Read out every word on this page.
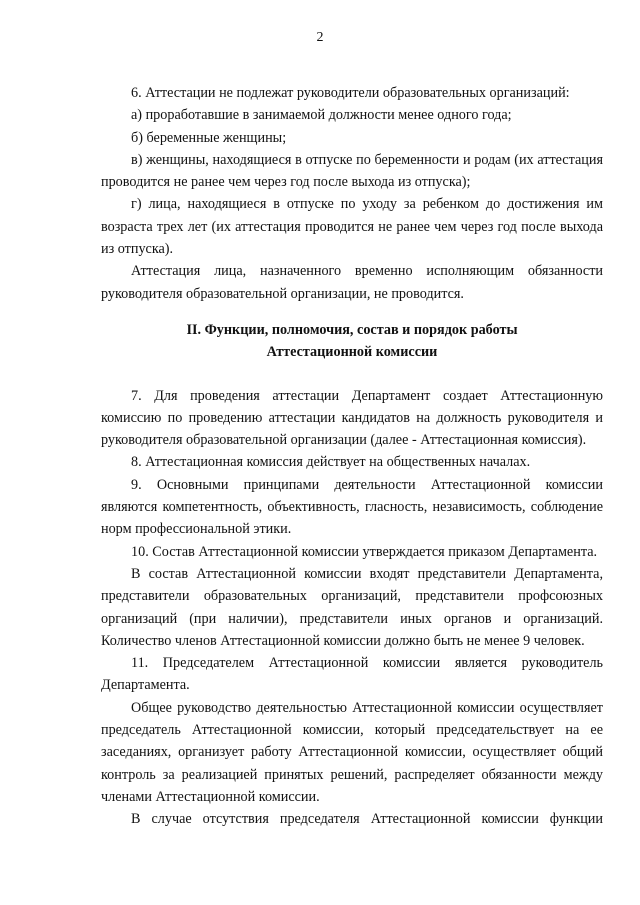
2

6. Аттестации не подлежат руководители образовательных организаций:

а) проработавшие в занимаемой должности менее одного года;

б) беременные женщины;

в) женщины, находящиеся в отпуске по беременности и родам (их аттестация проводится не ранее чем через год после выхода из отпуска);

г) лица, находящиеся в отпуске по уходу за ребенком до достижения им возраста трех лет (их аттестация проводится не ранее чем через год после выхода из отпуска).

Аттестация лица, назначенного временно исполняющим обязанности руководителя образовательной организации, не проводится.

II. Функции, полномочия, состав и порядок работы
Аттестационной комиссии

7. Для проведения аттестации Департамент создает Аттестационную комиссию по проведению аттестации кандидатов на должность руководителя и руководителя образовательной организации (далее - Аттестационная комиссия).

8. Аттестационная комиссия действует на общественных началах.

9. Основными принципами деятельности Аттестационной комиссии являются компетентность, объективность, гласность, независимость, соблюдение норм профессиональной этики.

10. Состав Аттестационной комиссии утверждается приказом Департамента.

В состав Аттестационной комиссии входят представители Департамента, представители образовательных организаций, представители профсоюзных организаций (при наличии), представители иных органов и организаций. Количество членов Аттестационной комиссии должно быть не менее 9 человек.

11. Председателем Аттестационной комиссии является руководитель Департамента.

Общее руководство деятельностью Аттестационной комиссии осуществляет председатель Аттестационной комиссии, который председательствует на ее заседаниях, организует работу Аттестационной комиссии, осуществляет общий контроль за реализацией принятых решений, распределяет обязанности между членами Аттестационной комиссии.

В случае отсутствия председателя Аттестационной комиссии функции
